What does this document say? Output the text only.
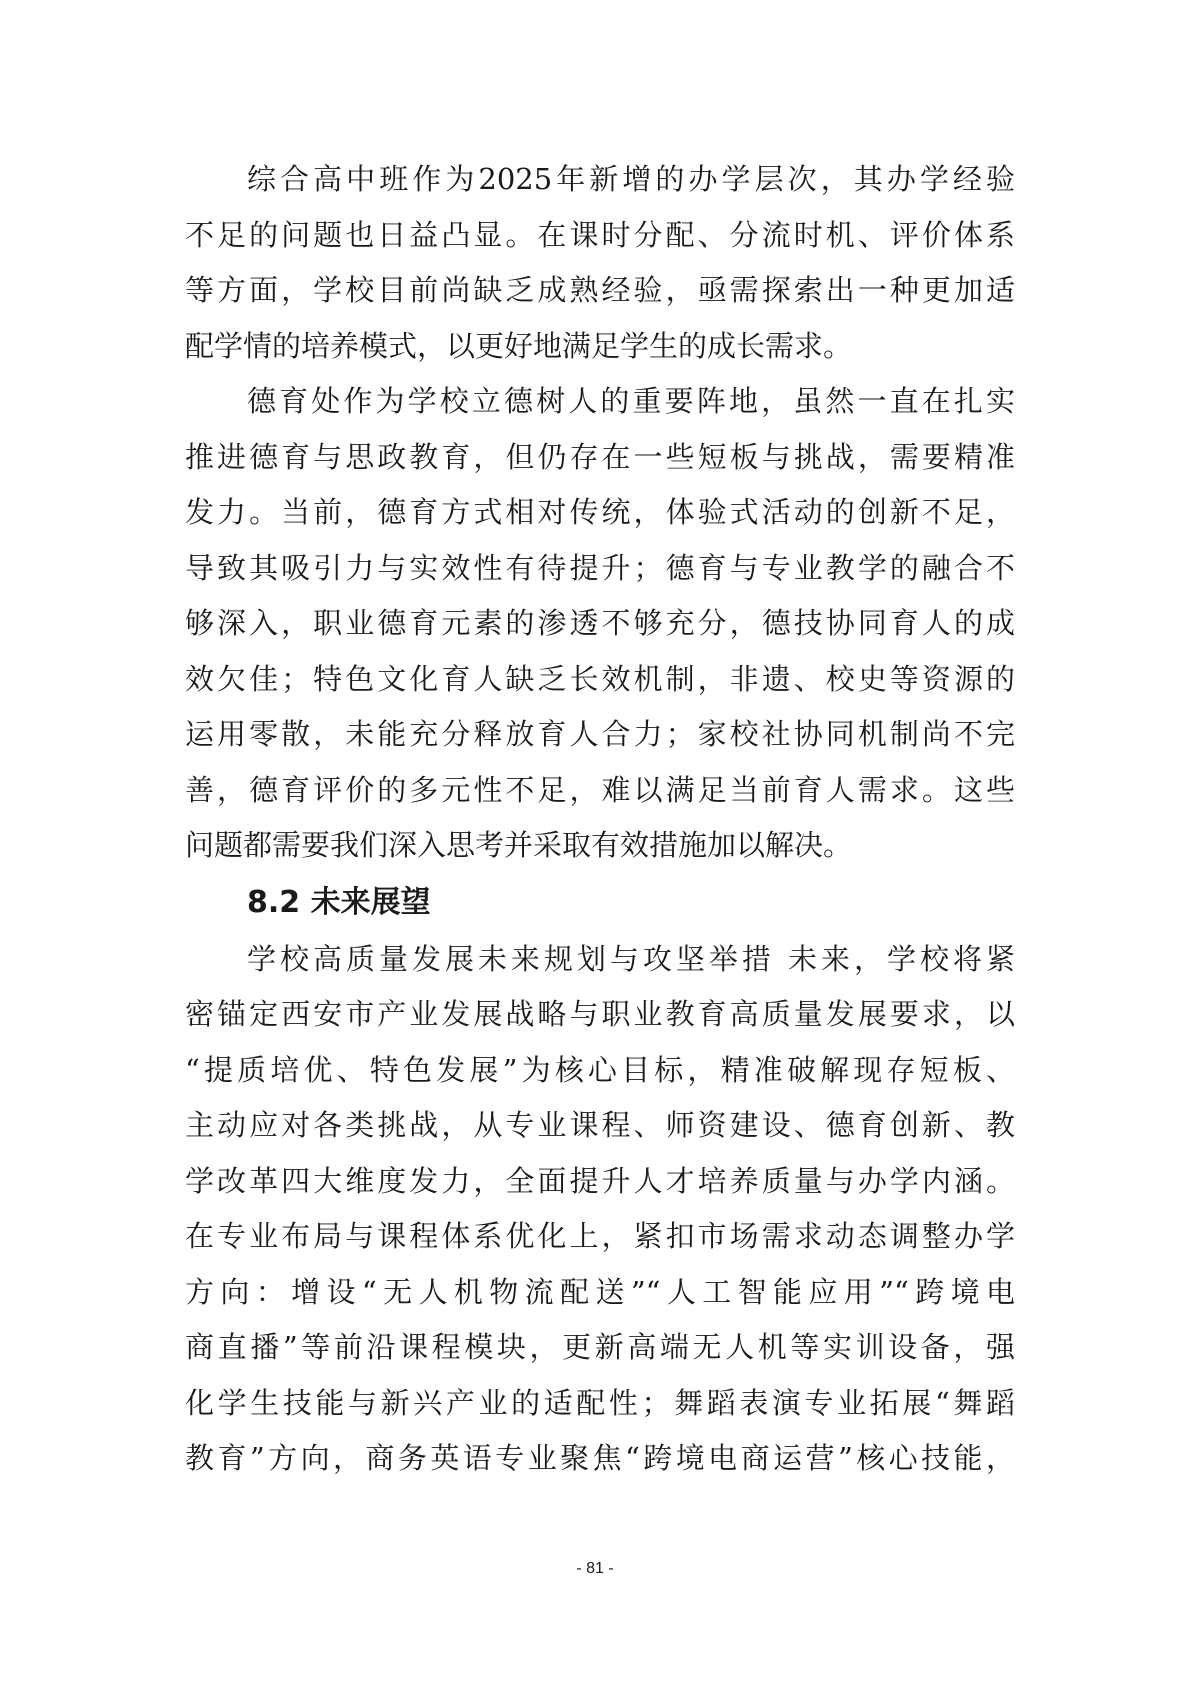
综合高中班作为2025年新增的办学层次，其办学经验
不足的问题也日益凸显。在课时分配、分流时机、评价体系
等方面，学校目前尚缺乏成熟经验，亟需探索出一种更加适
配学情的培养模式，以更好地满足学生的成长需求。
德育处作为学校立德树人的重要阵地，虽然一直在扎实
推进德育与思政教育，但仍存在一些短板与挑战，需要精准
发力。当前，德育方式相对传统，体验式活动的创新不足，
导致其吸引力与实效性有待提升；德育与专业教学的融合不
够深入，职业德育元素的渗透不够充分，德技协同育人的成
效欠佳；特色文化育人缺乏长效机制，非遗、校史等资源的
运用零散，未能充分释放育人合力；家校社协同机制尚不完
善，德育评价的多元性不足，难以满足当前育人需求。这些
问题都需要我们深入思考并采取有效措施加以解决。
8.2 未来展望
学校高质量发展未来规划与攻坚举措 未来，学校将紧
密锚定西安市产业发展战略与职业教育高质量发展要求，以
“提质培优、特色发展”为核心目标，精准破解现存短板、
主动应对各类挑战，从专业课程、师资建设、德育创新、教
学改革四大维度发力，全面提升人才培养质量与办学内涵。
在专业布局与课程体系优化上，紧扣市场需求动态调整办学
方向：增设“无人机物流配送”“人工智能应用”“跨境电
商直播”等前沿课程模块，更新高端无人机等实训设备，强
化学生技能与新兴产业的适配性；舞蹈表演专业拓展“舞蹈
教育”方向，商务英语专业聚焦“跨境电商运营”核心技能，
- 81 -
